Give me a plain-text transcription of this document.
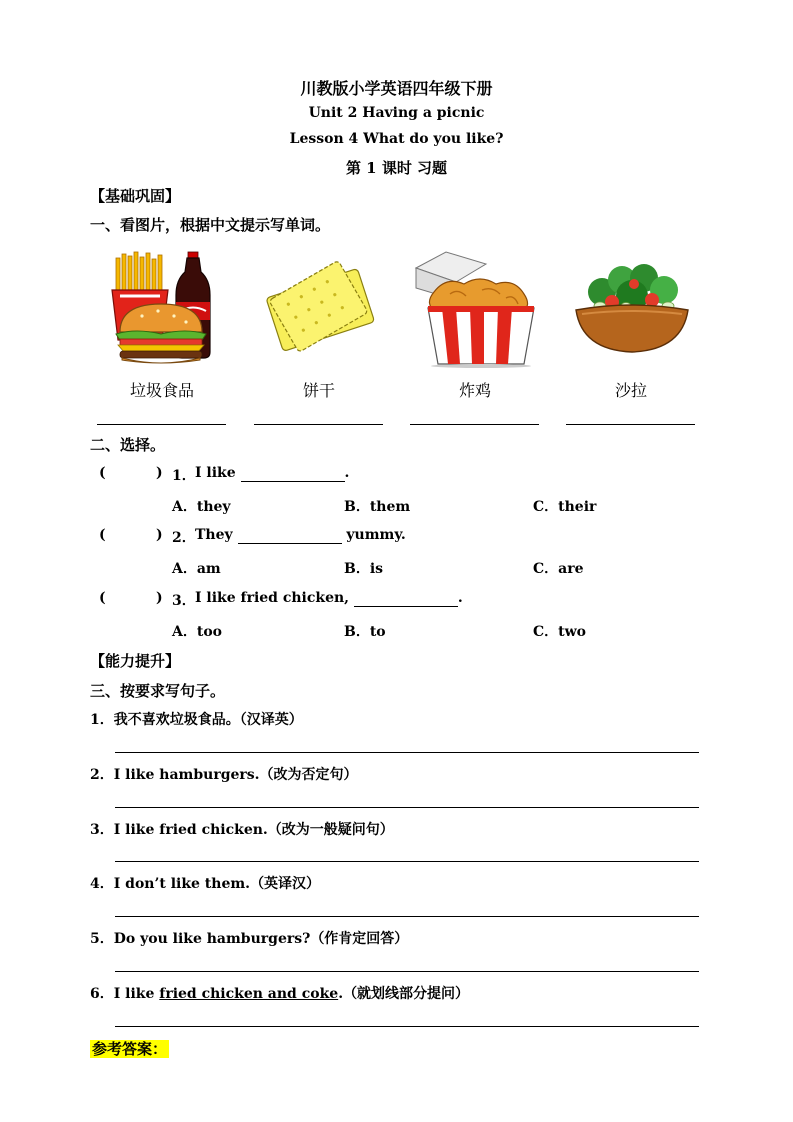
川教版小学英语四年级下册
Unit 2 Having a picnic
Lesson 4 What do you like?
第 1 课时 习题
【基础巩固】
一、看图片，根据中文提示写单词。
垃圾食品	饼干	炸鸡	沙拉
二、选择。
(	) 1． I like	.
A．they	B．them	C．their
(	) 2． They	yummy.
A．am	B．is	C．are
(	) 3． I like fried chicken,	.
A．too	B．to	C．two
【能力提升】
三、按要求写句子。
1．我不喜欢垃圾食品。（汉译英）
2．I like hamburgers.（改为否定句）
3．I like fried chicken.（改为一般疑问句）
4．I don’t like them.（英译汉）
5．Do you like hamburgers?（作肯定回答）
6．I like fried chicken and coke.（就划线部分提问）
参考答案：
